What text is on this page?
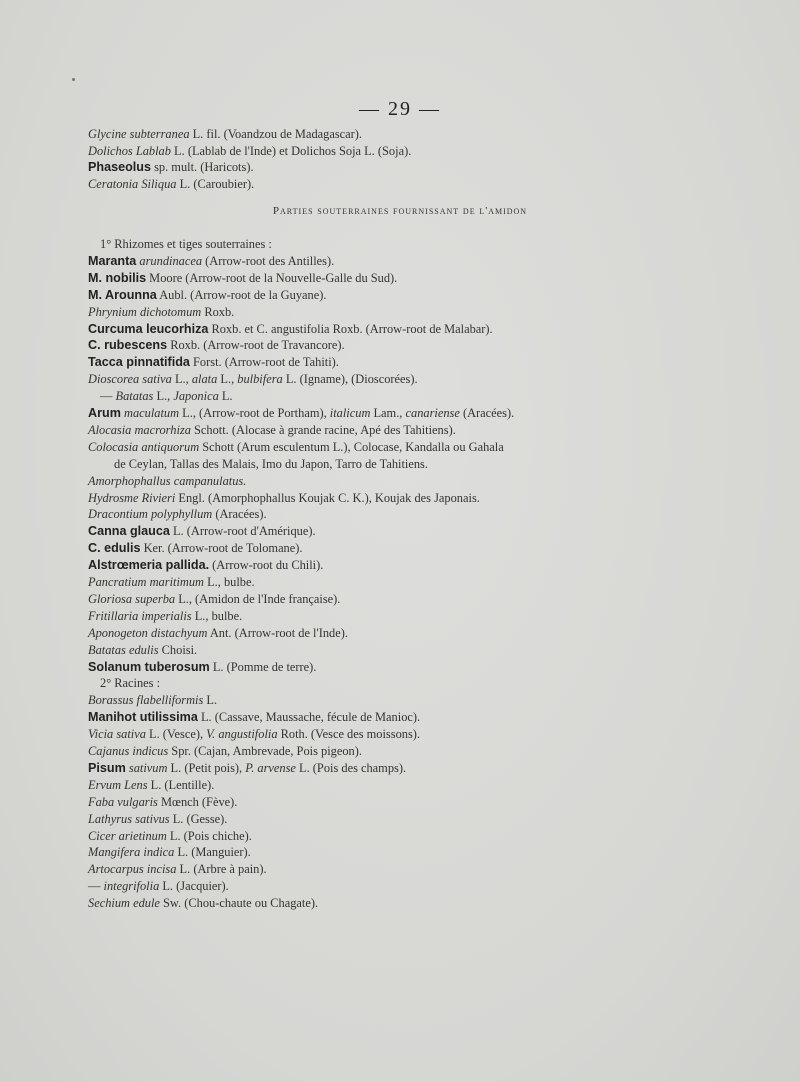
— 29 —
Parties souterraines fournissant de l'amidon
Glycine subterranea L. fil. (Voandzou de Madagascar).
Dolichos Lablab L. (Lablab de l'Inde) et Dolichos Soja L. (Soja).
Phaseolus sp. mult. (Haricots).
Ceratonia Siliqua L. (Caroubier).
1° Rhizomes et tiges souterraines :
Maranta arundinacea (Arrow-root des Antilles).
M. nobilis Moore (Arrow-root de la Nouvelle-Galle du Sud).
M. Arounna Aubl. (Arrow-root de la Guyane).
Phrynium dichotomum Roxb.
Curcuma leucorhiza Roxb. et C. angustifolia Roxb. (Arrow-root de Malabar).
C. rubescens Roxb. (Arrow-root de Travancore).
Tacca pinnatifida Forst. (Arrow-root de Tahiti).
Dioscorea sativa L., alata L., bulbifera L. (Igname), (Dioscorées).
— Batatas L., Japonica L.
Arum maculatum L., (Arrow-root de Portham), italicum Lam., canariense (Aracées).
Alocasia macrorhiza Schott. (Alocase à grande racine, Apé des Tahitiens).
Colocasia antiquorum Schott (Arum esculentum L.), Colocase, Kandalla ou Gahala
de Ceylan, Tallas des Malais, Imo du Japon, Tarro de Tahitiens.
Amorphophallus campanulatus.
Hydrosme Rivieri Engl. (Amorphophallus Koujak C. K.), Koujak des Japonais.
Dracontium polyphyllum (Aracées).
Canna glauca L. (Arrow-root d'Amérique).
C. edulis Ker. (Arrow-root de Tolomane).
Alstrœmeria pallida. (Arrow-root du Chili).
Pancratium maritimum L., bulbe.
Gloriosa superba L., (Amidon de l'Inde française).
Fritillaria imperialis L., bulbe.
Aponogeton distachyum Ant. (Arrow-root de l'Inde).
Batatas edulis Choisi.
Solanum tuberosum L. (Pomme de terre).
2° Racines :
Borassus flabelliformis L.
Manihot utilissima L. (Cassave, Maussache, fécule de Manioc).
Vicia sativa L. (Vesce), V. angustifolia Roth. (Vesce des moissons).
Cajanus indicus Spr. (Cajan, Ambrevade, Pois pigeon).
Pisum sativum L. (Petit pois), P. arvense L. (Pois des champs).
Ervum Lens L. (Lentille).
Faba vulgaris Mœnch (Fève).
Lathyrus sativus L. (Gesse).
Cicer arietinum L. (Pois chiche).
Mangifera indica L. (Manguier).
Artocarpus incisa L. (Arbre à pain).
— integrifolia L. (Jacquier).
Sechium edule Sw. (Chou-chaute ou Chagate).
